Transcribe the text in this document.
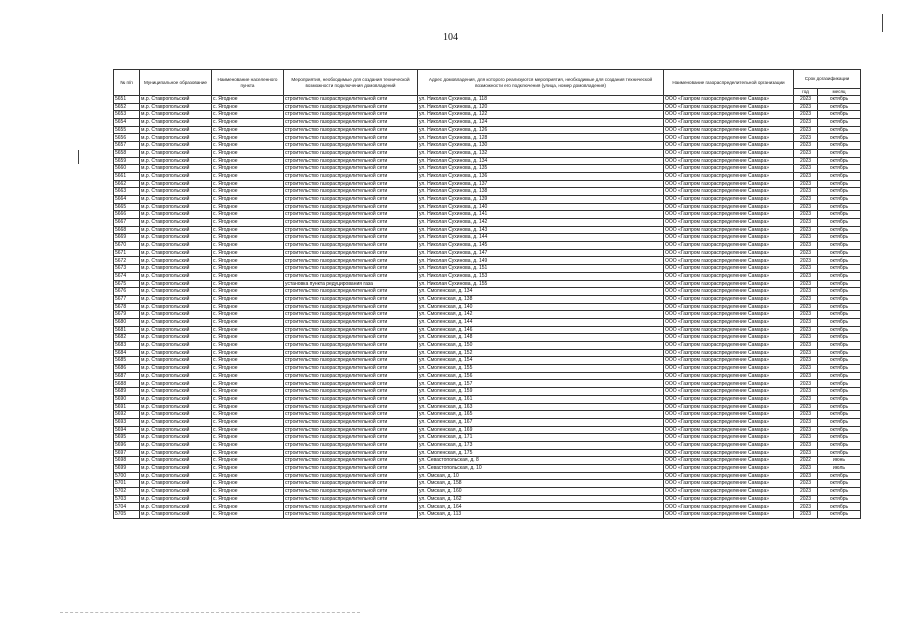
104
№ п/п	Муниципальное образование	Наименование населенного пункта	Мероприятия, необходимые для создания технической возможности подключения домовладений	Адрес домовладения, для которого реализуются мероприятия, необходимые для создания технической возможности его подключения (улица, номер домовладения)	Наименование газораспределительной организации	Срок догазификации	
						год	месяц
5651	м.р. Ставропольский	с. Ягодное	строительство газораспределительной сети	ул. Николая Сухинова, д. 118	ООО «Газпром газораспределение Самара»	2023	октябрь
5652	м.р. Ставропольский	с. Ягодное	строительство газораспределительной сети	ул. Николая Сухинова, д. 120	ООО «Газпром газораспределение Самара»	2023	октябрь
5653	м.р. Ставропольский	с. Ягодное	строительство газораспределительной сети	ул. Николая Сухинова, д. 122	ООО «Газпром газораспределение Самара»	2023	октябрь
5654	м.р. Ставропольский	с. Ягодное	строительство газораспределительной сети	ул. Николая Сухинова, д. 124	ООО «Газпром газораспределение Самара»	2023	октябрь
5655	м.р. Ставропольский	с. Ягодное	строительство газораспределительной сети	ул. Николая Сухинова, д. 126	ООО «Газпром газораспределение Самара»	2023	октябрь
5656	м.р. Ставропольский	с. Ягодное	строительство газораспределительной сети	ул. Николая Сухинова, д. 128	ООО «Газпром газораспределение Самара»	2023	октябрь
5657	м.р. Ставропольский	с. Ягодное	строительство газораспределительной сети	ул. Николая Сухинова, д. 130	ООО «Газпром газораспределение Самара»	2023	октябрь
5658	м.р. Ставропольский	с. Ягодное	строительство газораспределительной сети	ул. Николая Сухинова, д. 132	ООО «Газпром газораспределение Самара»	2023	октябрь
5659	м.р. Ставропольский	с. Ягодное	строительство газораспределительной сети	ул. Николая Сухинова, д. 134	ООО «Газпром газораспределение Самара»	2023	октябрь
5660	м.р. Ставропольский	с. Ягодное	строительство газораспределительной сети	ул. Николая Сухинова, д. 135	ООО «Газпром газораспределение Самара»	2023	октябрь
5661	м.р. Ставропольский	с. Ягодное	строительство газораспределительной сети	ул. Николая Сухинова, д. 136	ООО «Газпром газораспределение Самара»	2023	октябрь
5662	м.р. Ставропольский	с. Ягодное	строительство газораспределительной сети	ул. Николая Сухинова, д. 137	ООО «Газпром газораспределение Самара»	2023	октябрь
5663	м.р. Ставропольский	с. Ягодное	строительство газораспределительной сети	ул. Николая Сухинова, д. 138	ООО «Газпром газораспределение Самара»	2023	октябрь
5664	м.р. Ставропольский	с. Ягодное	строительство газораспределительной сети	ул. Николая Сухинова, д. 139	ООО «Газпром газораспределение Самара»	2023	октябрь
5665	м.р. Ставропольский	с. Ягодное	строительство газораспределительной сети	ул. Николая Сухинова, д. 140	ООО «Газпром газораспределение Самара»	2023	октябрь
5666	м.р. Ставропольский	с. Ягодное	строительство газораспределительной сети	ул. Николая Сухинова, д. 141	ООО «Газпром газораспределение Самара»	2023	октябрь
5667	м.р. Ставропольский	с. Ягодное	строительство газораспределительной сети	ул. Николая Сухинова, д. 142	ООО «Газпром газораспределение Самара»	2023	октябрь
5668	м.р. Ставропольский	с. Ягодное	строительство газораспределительной сети	ул. Николая Сухинова, д. 143	ООО «Газпром газораспределение Самара»	2023	октябрь
5669	м.р. Ставропольский	с. Ягодное	строительство газораспределительной сети	ул. Николая Сухинова, д. 144	ООО «Газпром газораспределение Самара»	2023	октябрь
5670	м.р. Ставропольский	с. Ягодное	строительство газораспределительной сети	ул. Николая Сухинова, д. 145	ООО «Газпром газораспределение Самара»	2023	октябрь
5671	м.р. Ставропольский	с. Ягодное	строительство газораспределительной сети	ул. Николая Сухинова, д. 147	ООО «Газпром газораспределение Самара»	2023	октябрь
5672	м.р. Ставропольский	с. Ягодное	строительство газораспределительной сети	ул. Николая Сухинова, д. 149	ООО «Газпром газораспределение Самара»	2023	октябрь
5673	м.р. Ставропольский	с. Ягодное	строительство газораспределительной сети	ул. Николая Сухинова, д. 151	ООО «Газпром газораспределение Самара»	2023	октябрь
5674	м.р. Ставропольский	с. Ягодное	строительство газораспределительной сети	ул. Николая Сухинова, д. 153	ООО «Газпром газораспределение Самара»	2023	октябрь
5675	м.р. Ставропольский	с. Ягодное	установка пункта редуцирования газа	ул. Николая Сухинова, д. 155	ООО «Газпром газораспределение Самара»	2023	октябрь
5676	м.р. Ставропольский	с. Ягодное	строительство газораспределительной сети	ул. Смоленская, д. 134	ООО «Газпром газораспределение Самара»	2023	октябрь
5677	м.р. Ставропольский	с. Ягодное	строительство газораспределительной сети	ул. Смоленская, д. 138	ООО «Газпром газораспределение Самара»	2023	октябрь
5678	м.р. Ставропольский	с. Ягодное	строительство газораспределительной сети	ул. Смоленская, д. 140	ООО «Газпром газораспределение Самара»	2023	октябрь
5679	м.р. Ставропольский	с. Ягодное	строительство газораспределительной сети	ул. Смоленская, д. 142	ООО «Газпром газораспределение Самара»	2023	октябрь
5680	м.р. Ставропольский	с. Ягодное	строительство газораспределительной сети	ул. Смоленская, д. 144	ООО «Газпром газораспределение Самара»	2023	октябрь
5681	м.р. Ставропольский	с. Ягодное	строительство газораспределительной сети	ул. Смоленская, д. 146	ООО «Газпром газораспределение Самара»	2023	октябрь
5682	м.р. Ставропольский	с. Ягодное	строительство газораспределительной сети	ул. Смоленская, д. 148	ООО «Газпром газораспределение Самара»	2023	октябрь
5683	м.р. Ставропольский	с. Ягодное	строительство газораспределительной сети	ул. Смоленская, д. 150	ООО «Газпром газораспределение Самара»	2023	октябрь
5684	м.р. Ставропольский	с. Ягодное	строительство газораспределительной сети	ул. Смоленская, д. 152	ООО «Газпром газораспределение Самара»	2023	октябрь
5685	м.р. Ставропольский	с. Ягодное	строительство газораспределительной сети	ул. Смоленская, д. 154	ООО «Газпром газораспределение Самара»	2023	октябрь
5686	м.р. Ставропольский	с. Ягодное	строительство газораспределительной сети	ул. Смоленская, д. 155	ООО «Газпром газораспределение Самара»	2023	октябрь
5687	м.р. Ставропольский	с. Ягодное	строительство газораспределительной сети	ул. Смоленская, д. 156	ООО «Газпром газораспределение Самара»	2023	октябрь
5688	м.р. Ставропольский	с. Ягодное	строительство газораспределительной сети	ул. Смоленская, д. 157	ООО «Газпром газораспределение Самара»	2023	октябрь
5689	м.р. Ставропольский	с. Ягодное	строительство газораспределительной сети	ул. Смоленская, д. 159	ООО «Газпром газораспределение Самара»	2023	октябрь
5690	м.р. Ставропольский	с. Ягодное	строительство газораспределительной сети	ул. Смоленская, д. 161	ООО «Газпром газораспределение Самара»	2023	октябрь
5691	м.р. Ставропольский	с. Ягодное	строительство газораспределительной сети	ул. Смоленская, д. 163	ООО «Газпром газораспределение Самара»	2023	октябрь
5692	м.р. Ставропольский	с. Ягодное	строительство газораспределительной сети	ул. Смоленская, д. 165	ООО «Газпром газораспределение Самара»	2023	октябрь
5693	м.р. Ставропольский	с. Ягодное	строительство газораспределительной сети	ул. Смоленская, д. 167	ООО «Газпром газораспределение Самара»	2023	октябрь
5694	м.р. Ставропольский	с. Ягодное	строительство газораспределительной сети	ул. Смоленская, д. 169	ООО «Газпром газораспределение Самара»	2023	октябрь
5695	м.р. Ставропольский	с. Ягодное	строительство газораспределительной сети	ул. Смоленская, д. 171	ООО «Газпром газораспределение Самара»	2023	октябрь
5696	м.р. Ставропольский	с. Ягодное	строительство газораспределительной сети	ул. Смоленская, д. 173	ООО «Газпром газораспределение Самара»	2023	октябрь
5697	м.р. Ставропольский	с. Ягодное	строительство газораспределительной сети	ул. Смоленская, д. 175	ООО «Газпром газораспределение Самара»	2023	октябрь
5698	м.р. Ставропольский	с. Ягодное	строительство газораспределительной сети	ул. Севастопольская, д. 8	ООО «Газпром газораспределение Самара»	2022	июнь
5699	м.р. Ставропольский	с. Ягодное	строительство газораспределительной сети	ул. Севастопольская, д. 10	ООО «Газпром газораспределение Самара»	2023	июль
5700	м.р. Ставропольский	с. Ягодное	строительство газораспределительной сети	ул. Омская, д. 10	ООО «Газпром газораспределение Самара»	2023	октябрь
5701	м.р. Ставропольский	с. Ягодное	строительство газораспределительной сети	ул. Омская, д. 158	ООО «Газпром газораспределение Самара»	2023	октябрь
5702	м.р. Ставропольский	с. Ягодное	строительство газораспределительной сети	ул. Омская, д. 160	ООО «Газпром газораспределение Самара»	2023	октябрь
5703	м.р. Ставропольский	с. Ягодное	строительство газораспределительной сети	ул. Омская, д. 162	ООО «Газпром газораспределение Самара»	2023	октябрь
5704	м.р. Ставропольский	с. Ягодное	строительство газораспределительной сети	ул. Омская, д. 164	ООО «Газпром газораспределение Самара»	2023	октябрь
5705	м.р. Ставропольский	с. Ягодное	строительство газораспределительной сети	ул. Омская, д. 113	ООО «Газпром газораспределение Самара»	2023	октябрь
